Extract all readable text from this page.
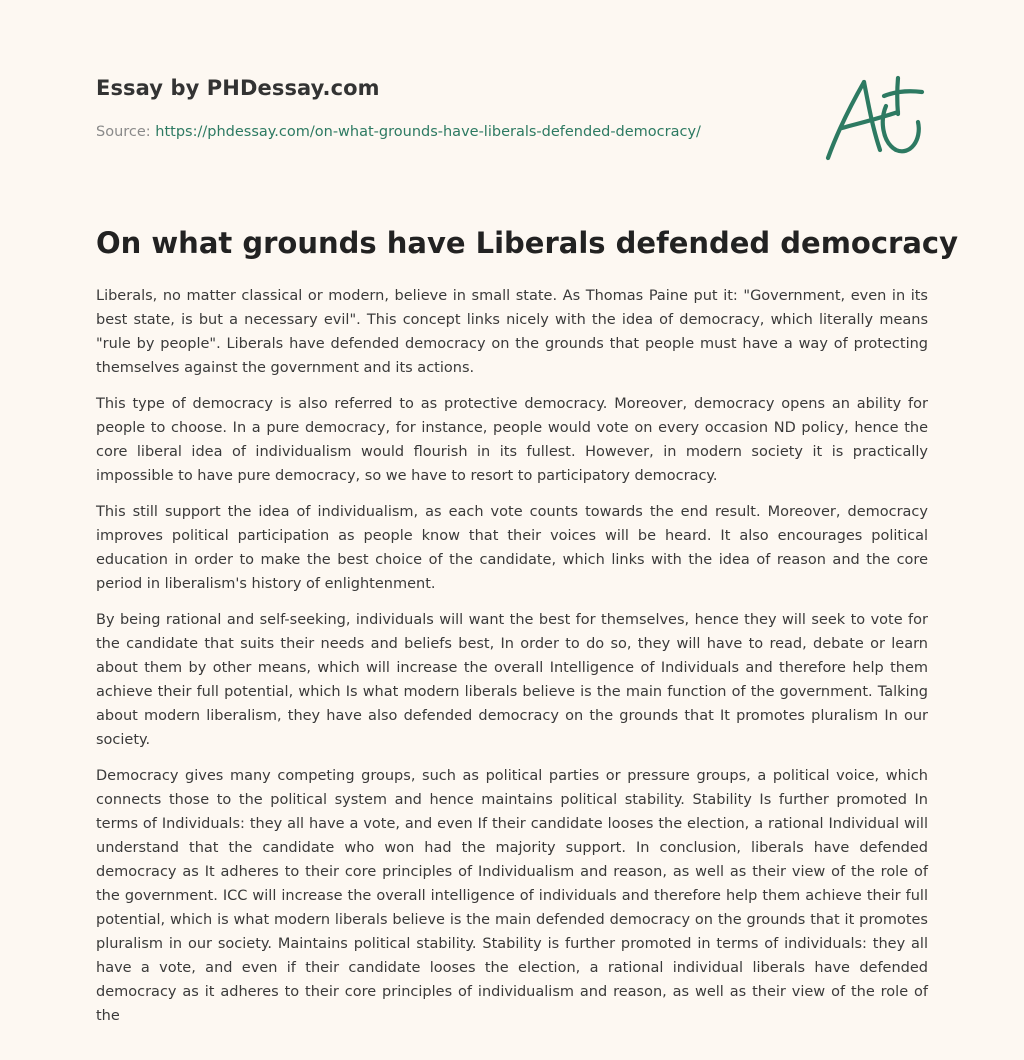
Essay by PHDessay.com
Source: https://phdessay.com/on-what-grounds-have-liberals-defended-democracy/
On what grounds have Liberals defended democracy

Liberals, no matter classical or modern, believe in small state. As Thomas Paine put it: "Government, even in its best state, is but a necessary evil". This concept links nicely with the idea of democracy, which literally means "rule by people". Liberals have defended democracy on the grounds that people must have a way of protecting themselves against the government and its actions.

This type of democracy is also referred to as protective democracy. Moreover, democracy opens an ability for people to choose. In a pure democracy, for instance, people would vote on every occasion ND policy, hence the core liberal idea of individualism would flourish in its fullest. However, in modern society it is practically impossible to have pure democracy, so we have to resort to participatory democracy.

This still support the idea of individualism, as each vote counts towards the end result. Moreover, democracy improves political participation as people know that their voices will be heard. It also encourages political education in order to make the best choice of the candidate, which links with the idea of reason and the core period in liberalism's history of enlightenment.

By being rational and self-seeking, individuals will want the best for themselves, hence they will seek to vote for the candidate that suits their needs and beliefs best, In order to do so, they will have to read, debate or learn about them by other means, which will increase the overall Intelligence of Individuals and therefore help them achieve their full potential, which Is what modern liberals believe is the main function of the government. Talking about modern liberalism, they have also defended democracy on the grounds that It promotes pluralism In our society.

Democracy gives many competing groups, such as political parties or pressure groups, a political voice, which connects those to the political system and hence maintains political stability. Stability Is further promoted In terms of Individuals: they all have a vote, and even If their candidate looses the election, a rational Individual will understand that the candidate who won had the majority support. In conclusion, liberals have defended democracy as It adheres to their core principles of Individualism and reason, as well as their view of the role of the government. ICC will increase the overall intelligence of individuals and therefore help them achieve their full potential, which is what modern liberals believe is the main defended democracy on the grounds that it promotes pluralism in our society. Maintains political stability. Stability is further promoted in terms of individuals: they all have a vote, and even if their candidate looses the election, a rational individual liberals have defended democracy as it adheres to their core principles of individualism and reason, as well as their view of the role of the
